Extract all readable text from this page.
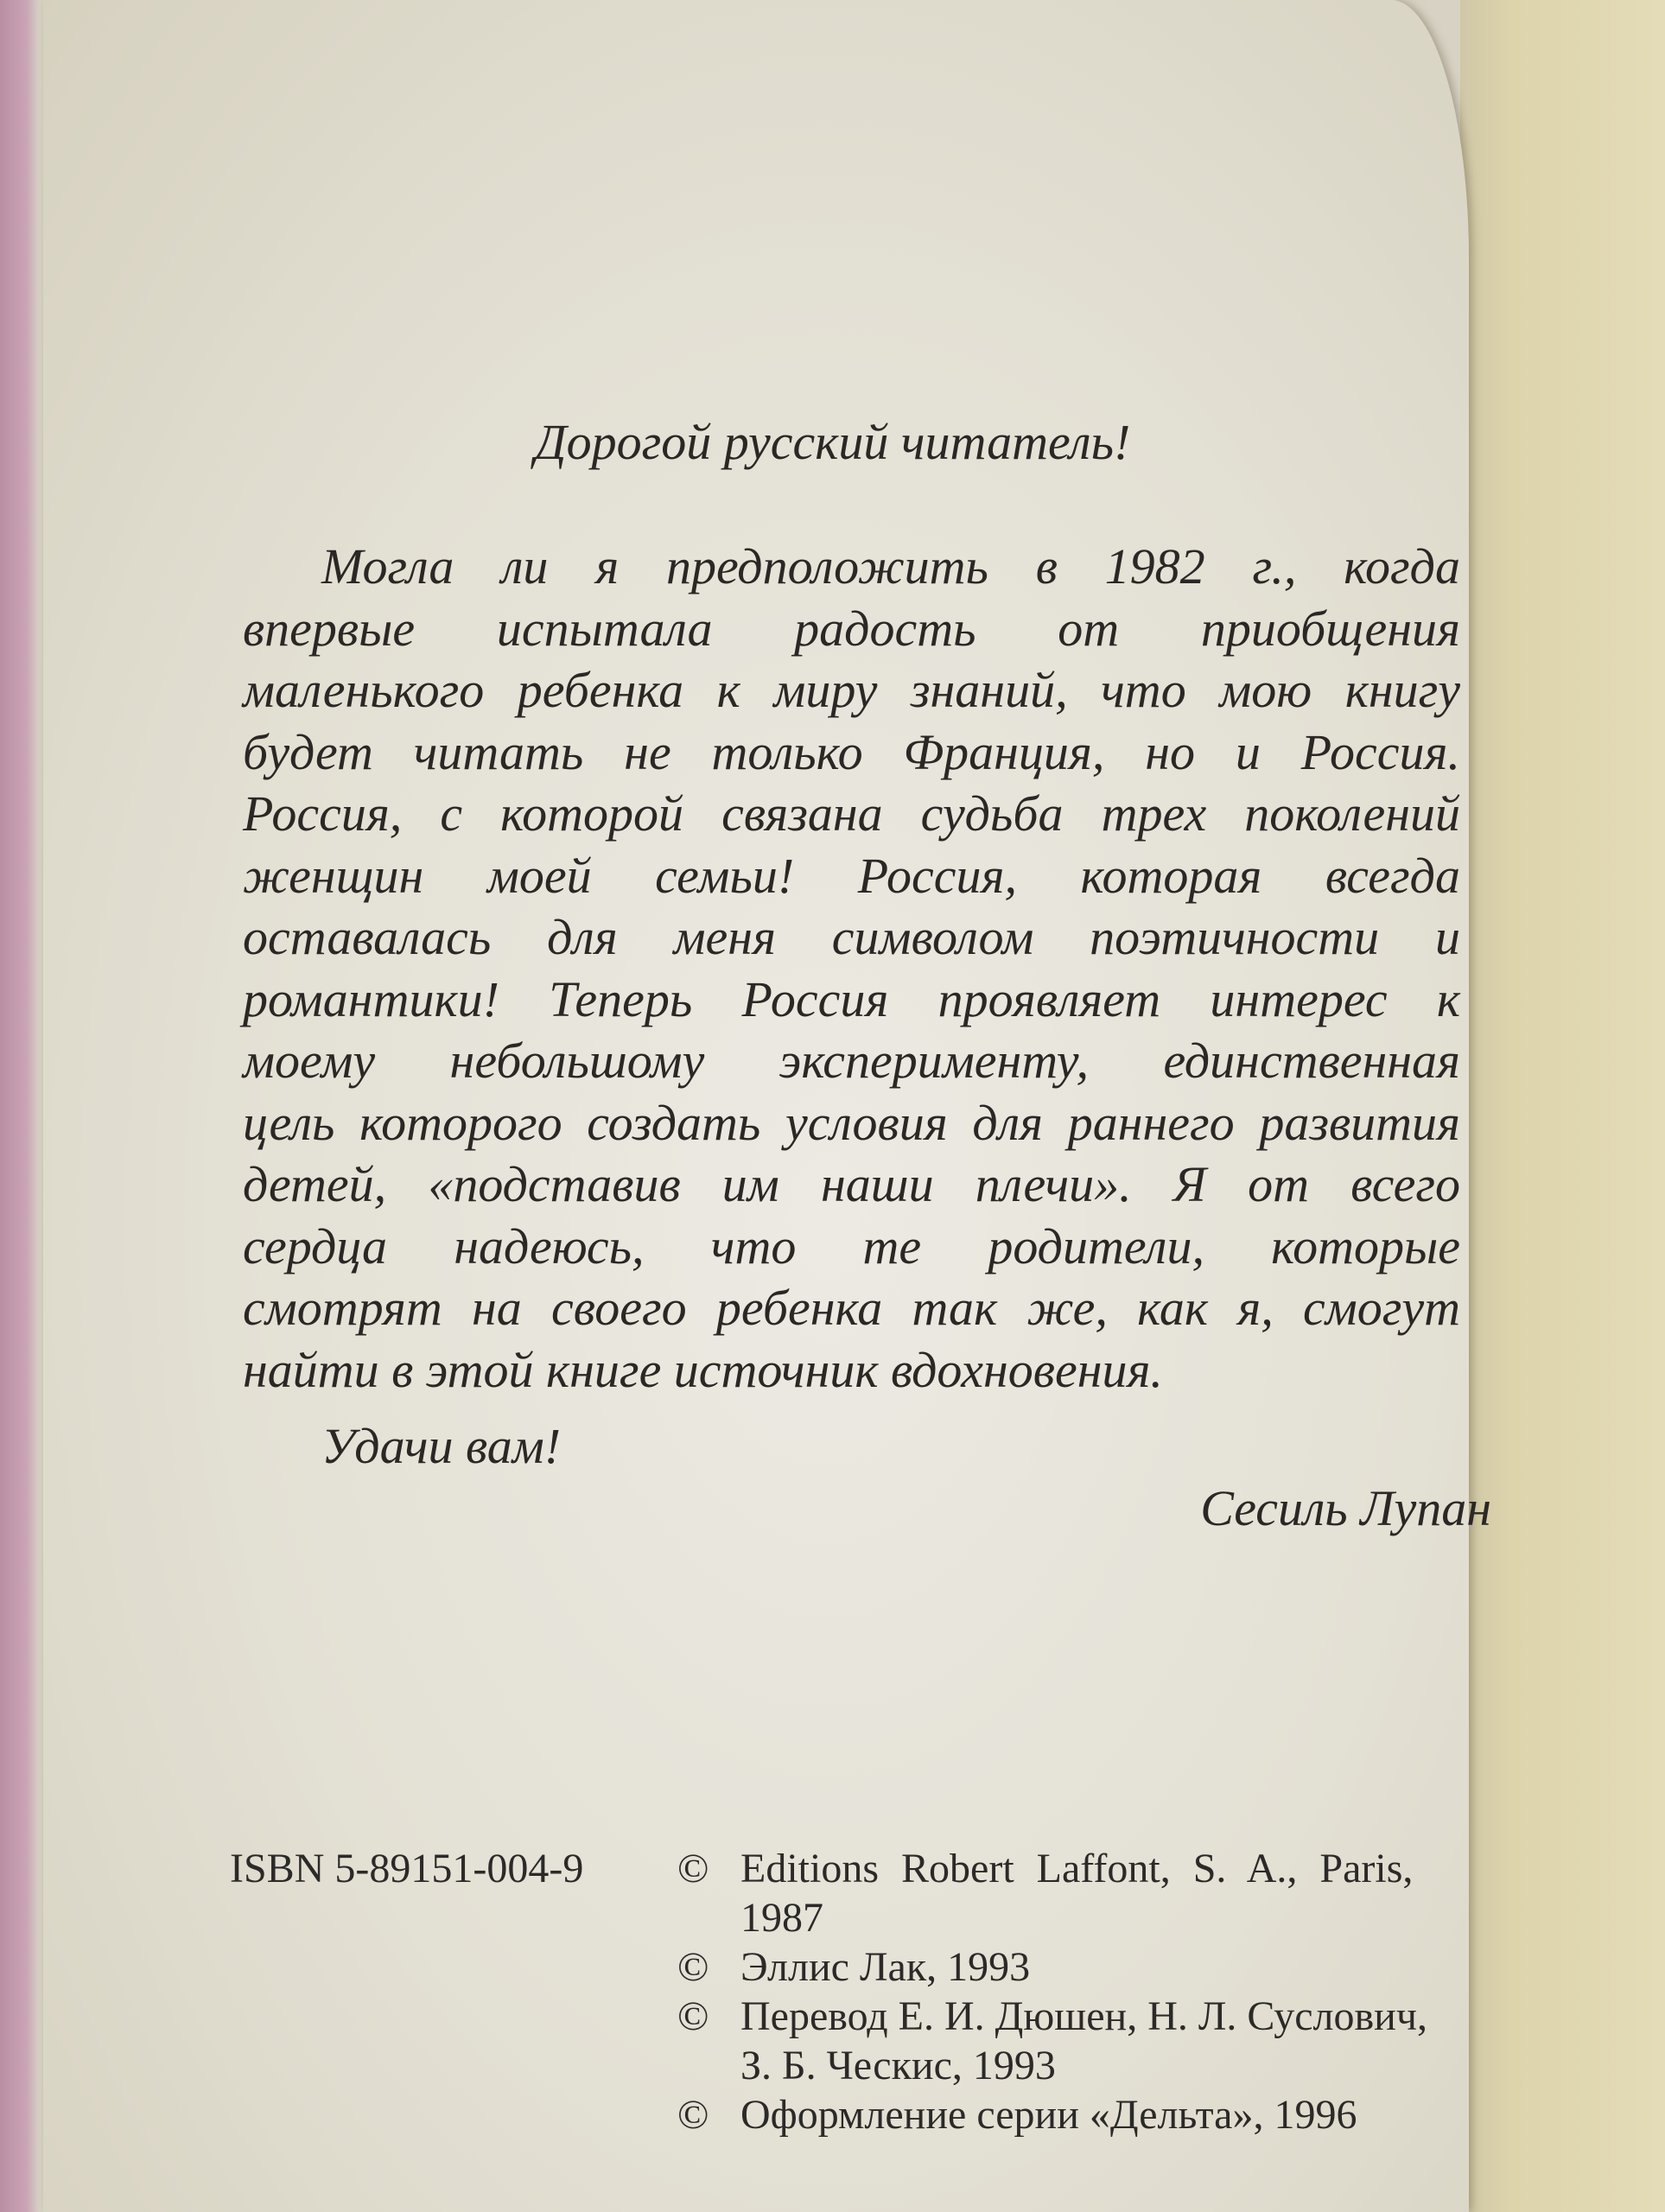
Дорогой русский читатель!
Могла ли я предположить в 1982 г., когда
впервые испытала радость от приобщения
маленького ребенка к миру знаний, что мою книгу
будет читать не только Франция, но и Россия.
Россия, с которой связана судьба трех поколений
женщин моей семьи! Россия, которая всегда
оставалась для меня символом поэтичности и
романтики! Теперь Россия проявляет интерес к
моему небольшому эксперименту, единственная
цель которого создать условия для раннего развития
детей, «подставив им наши плечи». Я от всего
сердца надеюсь, что те родители, которые
смотрят на своего ребенка так же, как я, смогут
найти в этой книге источник вдохновения.
Удачи вам!
Сесиль Лупан
ISBN 5-89151-004-9 © Editions Robert Laffont, S. A., Paris,
1987
© Эллис Лак, 1993
© Перевод Е. И. Дюшен, Н. Л. Суслович,
З. Б. Ческис, 1993
© Оформление серии «Дельта», 1996
